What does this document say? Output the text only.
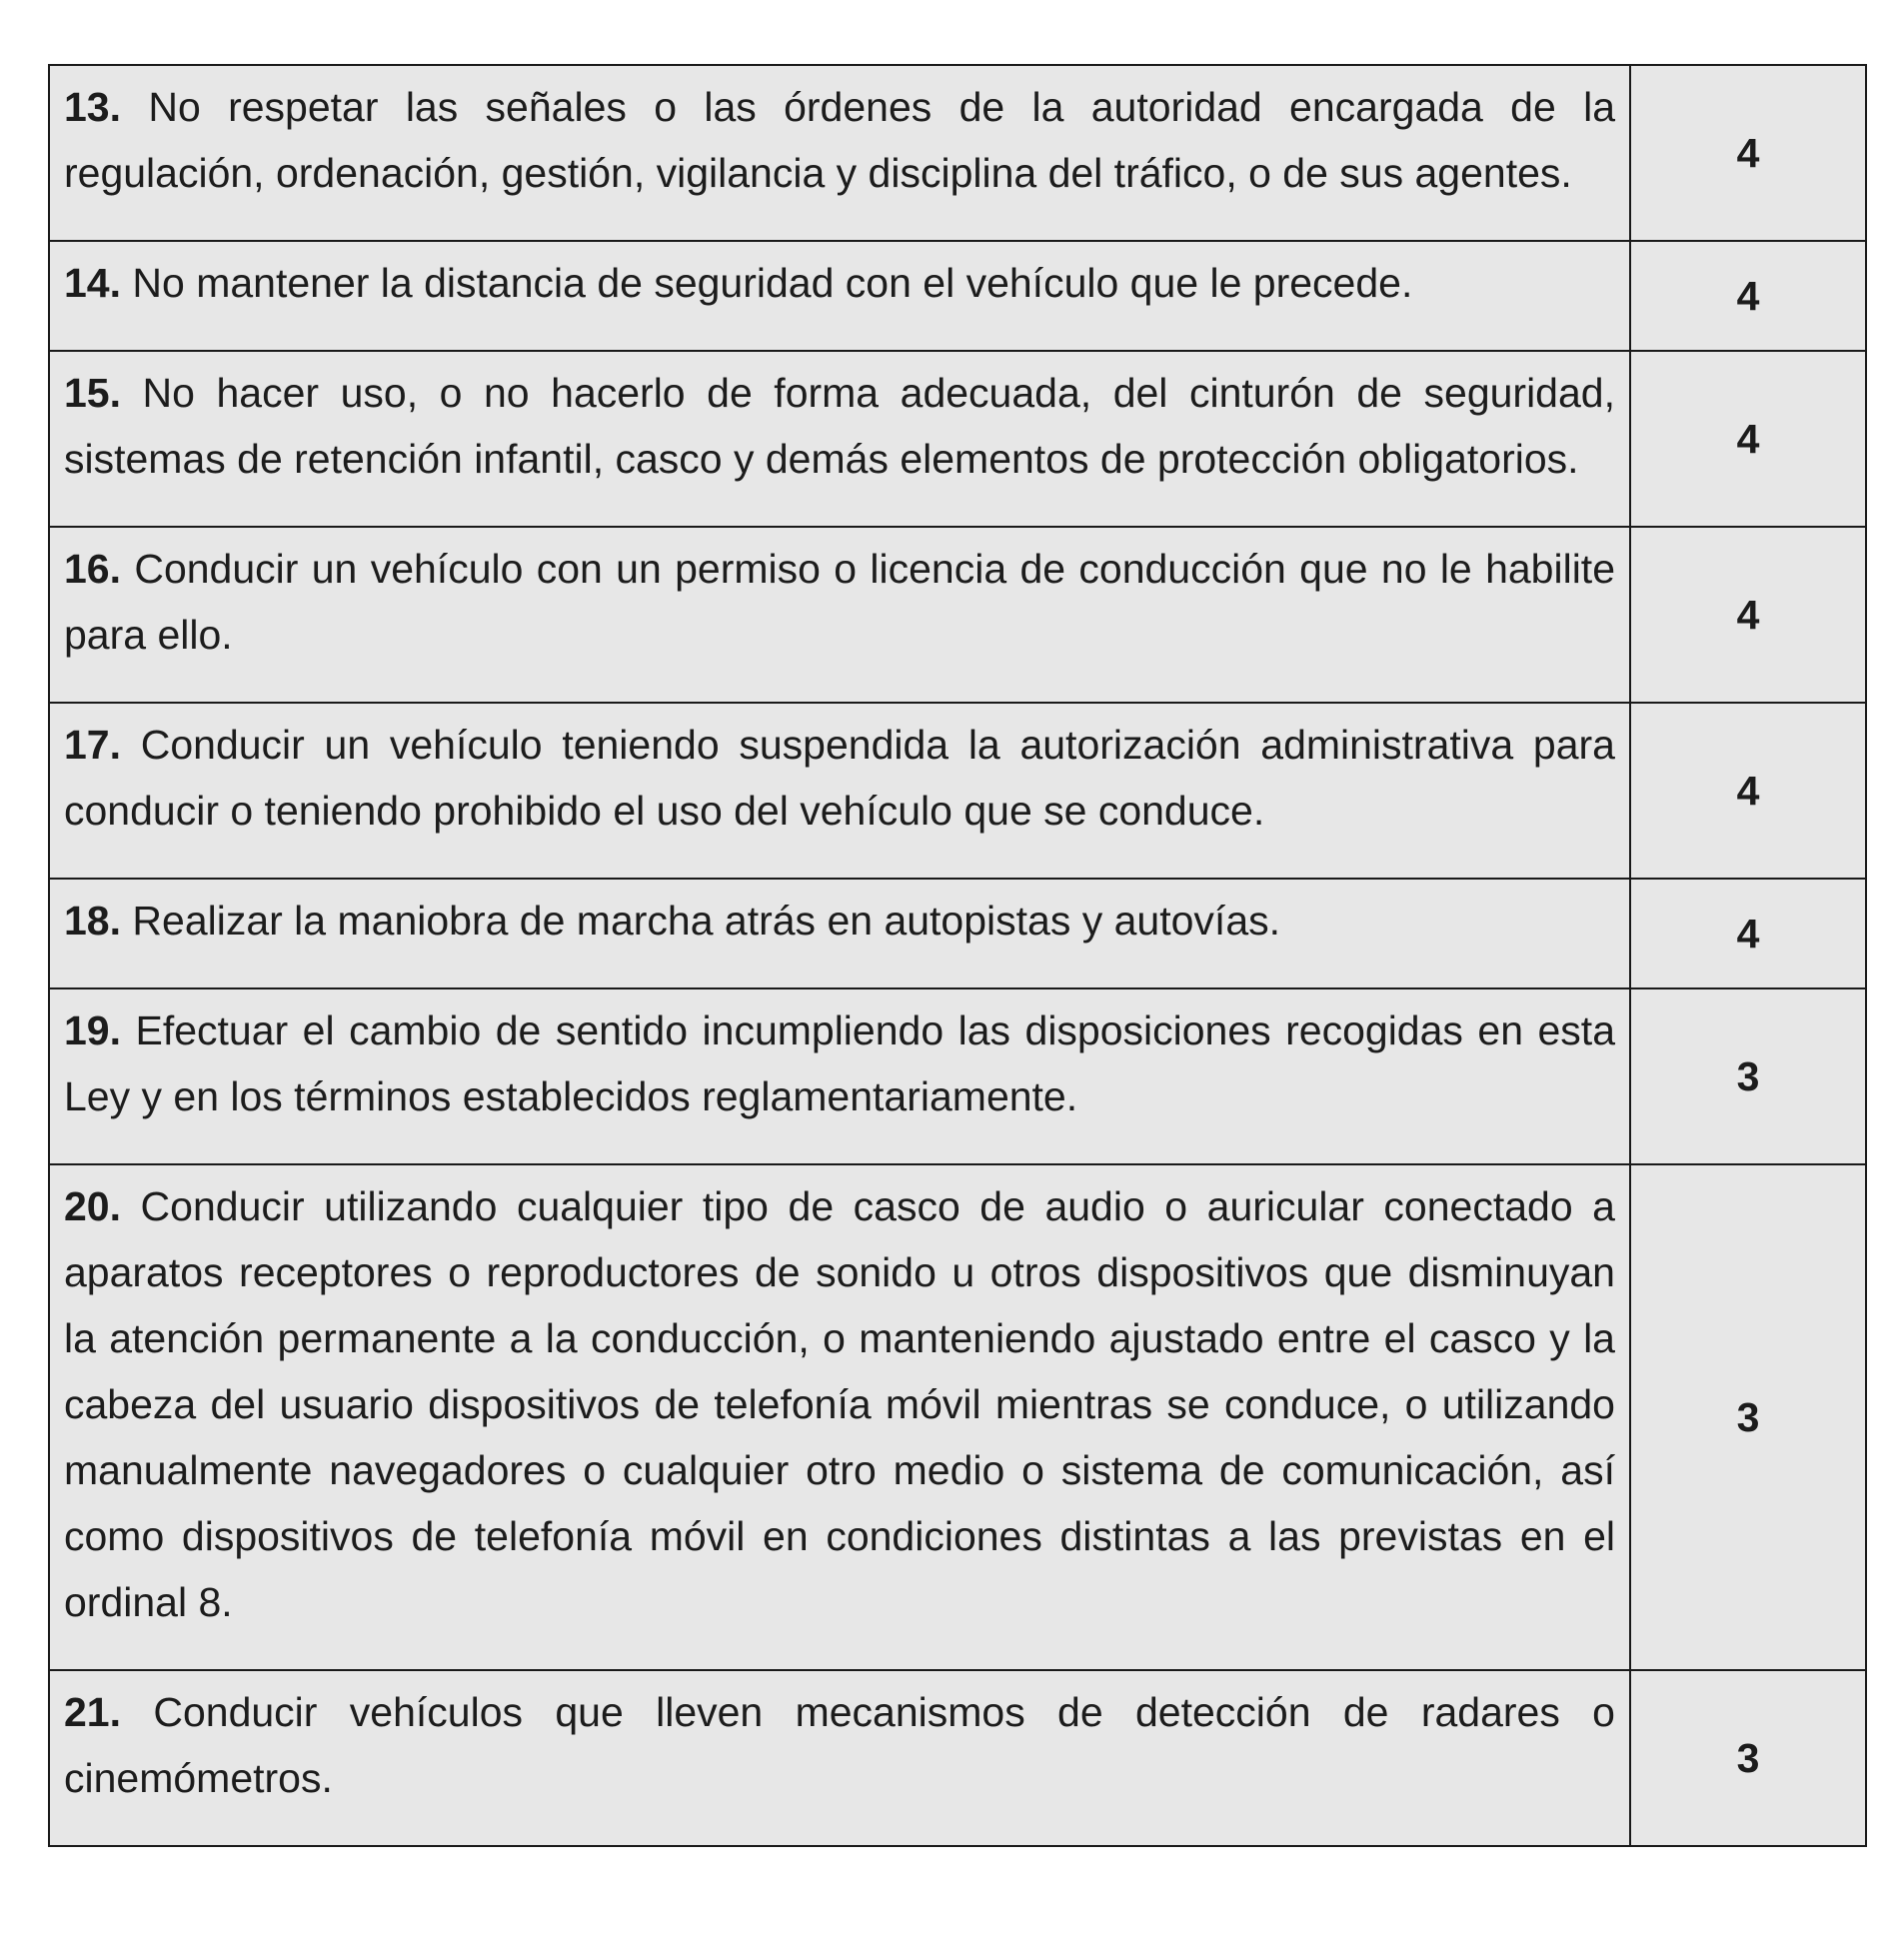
13. No respetar las señales o las órdenes de la autoridad encargada de la regulación, ordenación, gestión, vigilancia y disciplina del tráfico, o de sus agentes.	4
14. No mantener la distancia de seguridad con el vehículo que le precede.	4
15. No hacer uso, o no hacerlo de forma adecuada, del cinturón de seguridad, sistemas de retención infantil, casco y demás elementos de protección obligatorios.	4
16. Conducir un vehículo con un permiso o licencia de conducción que no le habilite para ello.	4
17. Conducir un vehículo teniendo suspendida la autorización administrativa para conducir o teniendo prohibido el uso del vehículo que se conduce.	4
18. Realizar la maniobra de marcha atrás en autopistas y autovías.	4
19. Efectuar el cambio de sentido incumpliendo las disposiciones recogidas en esta Ley y en los términos establecidos reglamentariamente.	3
20. Conducir utilizando cualquier tipo de casco de audio o auricular conectado a aparatos receptores o reproductores de sonido u otros dispositivos que disminuyan la atención permanente a la conducción, o manteniendo ajustado entre el casco y la cabeza del usuario dispositivos de telefonía móvil mientras se conduce, o utilizando manualmente navegadores o cualquier otro medio o sistema de comunicación, así como dispositivos de telefonía móvil en condiciones distintas a las previstas en el ordinal 8.	3
21. Conducir vehículos que lleven mecanismos de detección de radares o cinemómetros.	3
